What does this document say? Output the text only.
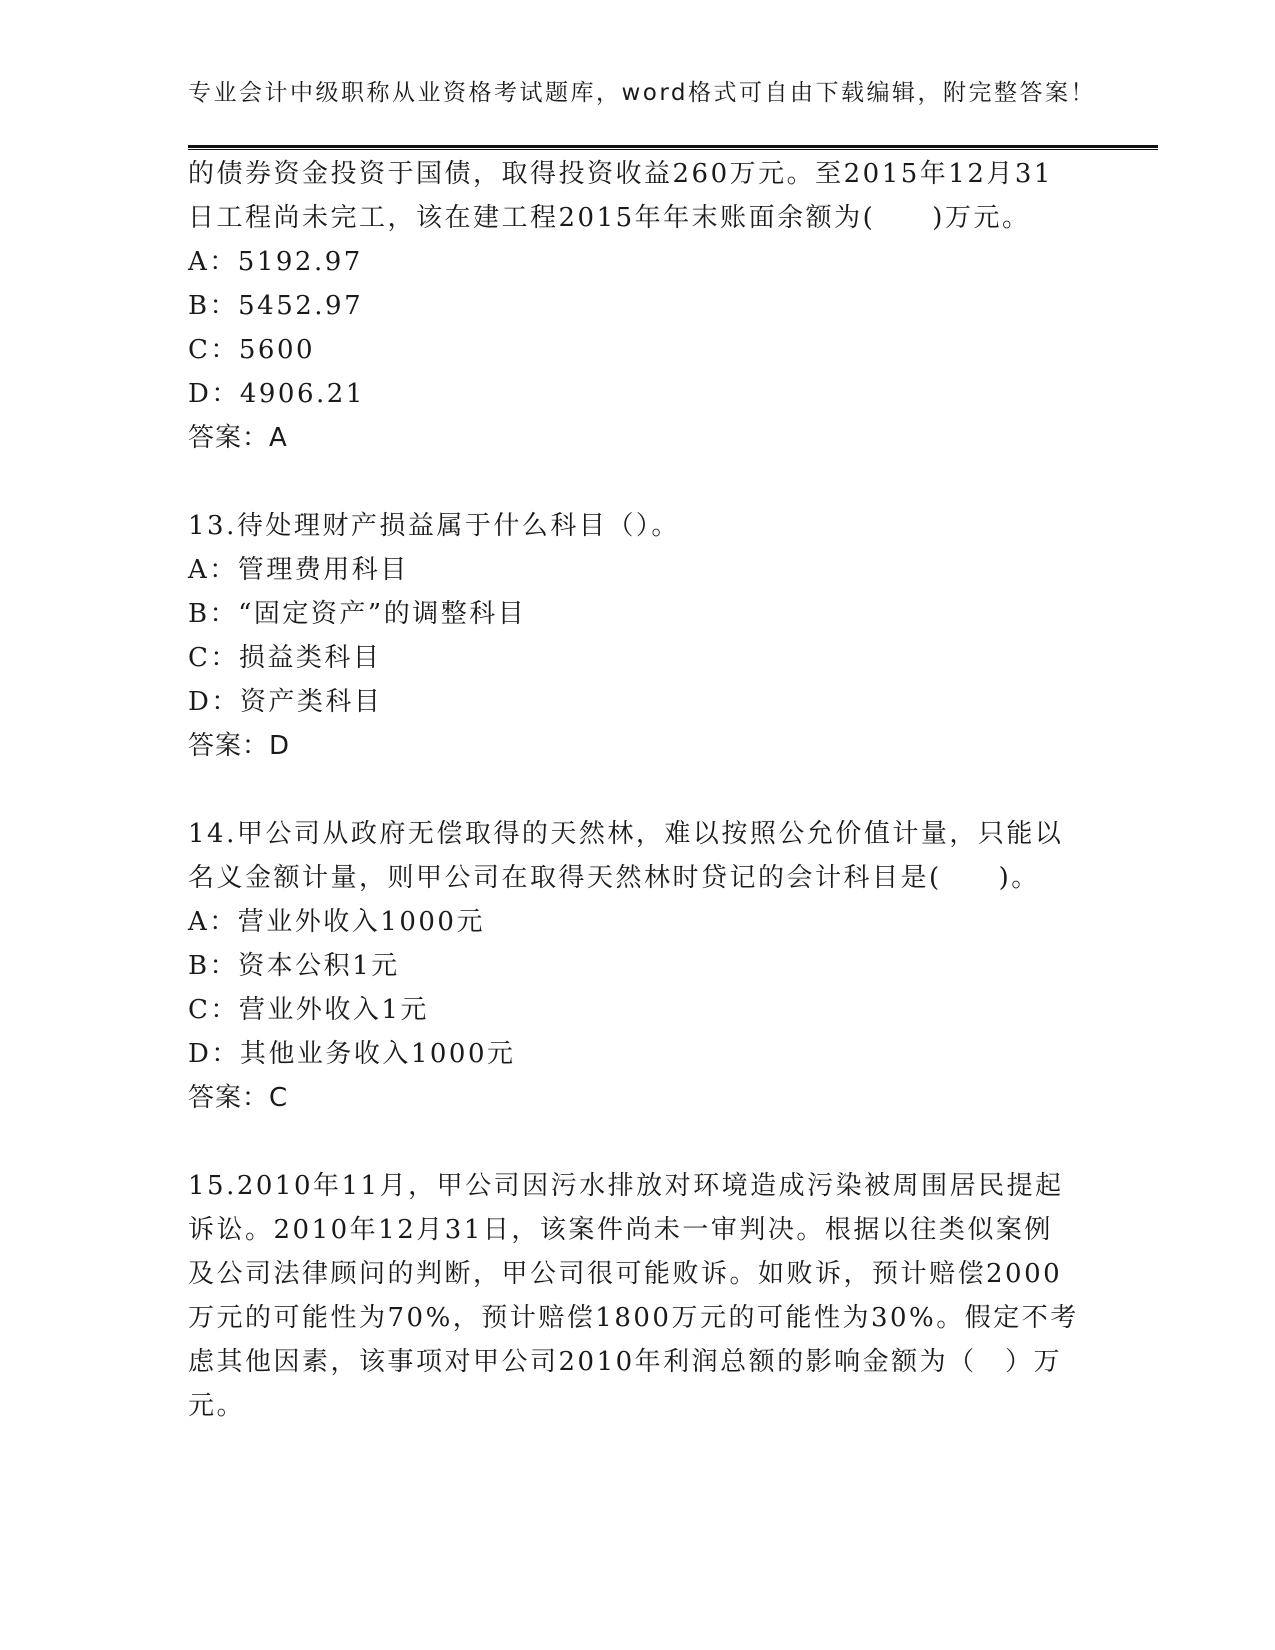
专业会计中级职称从业资格考试题库，word格式可自由下载编辑，附完整答案！
的债券资金投资于国债，取得投资收益260万元。至2015年12月31
日工程尚未完工，该在建工程2015年年末账面余额为(　　)万元。
A：5192.97
B：5452.97
C：5600
D：4906.21
答案：A
13.待处理财产损益属于什么科目（）。
A：管理费用科目
B：“固定资产”的调整科目
C：损益类科目
D：资产类科目
答案：D
14.甲公司从政府无偿取得的天然林，难以按照公允价值计量，只能以
名义金额计量，则甲公司在取得天然林时贷记的会计科目是(　　)。
A：营业外收入1000元
B：资本公积1元
C：营业外收入1元
D：其他业务收入1000元
答案：C
15.2010年11月，甲公司因污水排放对环境造成污染被周围居民提起
诉讼。2010年12月31日，该案件尚未一审判决。根据以往类似案例
及公司法律顾问的判断，甲公司很可能败诉。如败诉，预计赔偿2000
万元的可能性为70%，预计赔偿1800万元的可能性为30%。假定不考
虑其他因素，该事项对甲公司2010年利润总额的影响金额为（　）万
元。
